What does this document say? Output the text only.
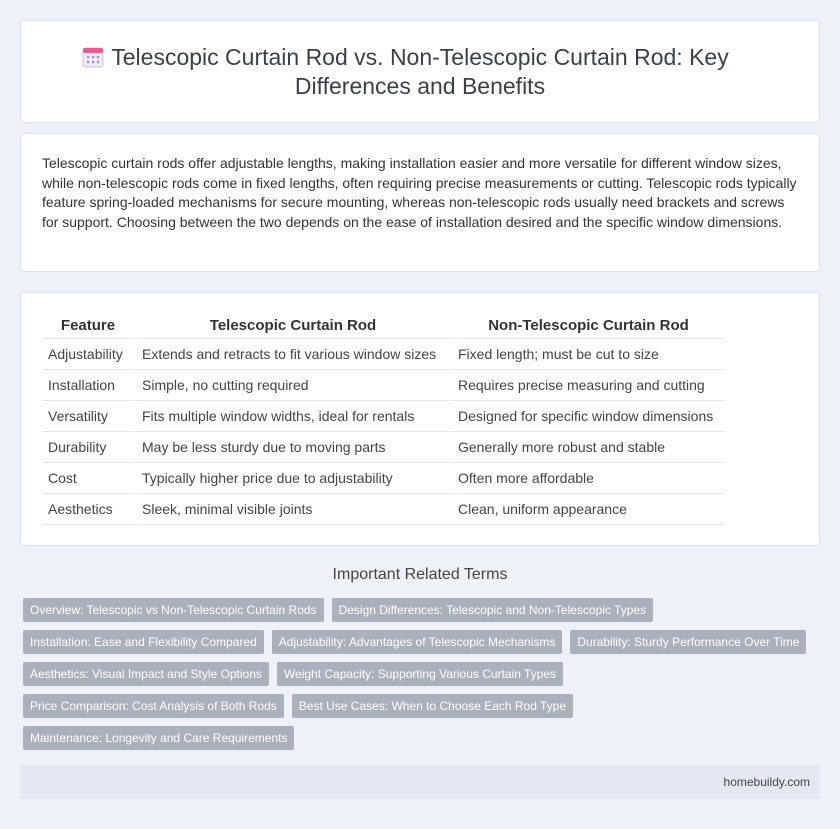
Telescopic Curtain Rod vs. Non-Telescopic Curtain Rod: Key
Differences and Benefits

Telescopic curtain rods offer adjustable lengths, making installation easier and more versatile for different window sizes, while non-telescopic rods come in fixed lengths, often requiring precise measurements or cutting. Telescopic rods typically feature spring-loaded mechanisms for secure mounting, whereas non-telescopic rods usually need brackets and screws for support. Choosing between the two depends on the ease of installation desired and the specific window dimensions.

Feature	Telescopic Curtain Rod	Non-Telescopic Curtain Rod
Adjustability	Extends and retracts to fit various window sizes	Fixed length; must be cut to size
Installation	Simple, no cutting required	Requires precise measuring and cutting
Versatility	Fits multiple window widths, ideal for rentals	Designed for specific window dimensions
Durability	May be less sturdy due to moving parts	Generally more robust and stable
Cost	Typically higher price due to adjustability	Often more affordable
Aesthetics	Sleek, minimal visible joints	Clean, uniform appearance
Important Related Terms
Overview: Telescopic vs Non-Telescopic Curtain Rods	Design Differences: Telescopic and Non-Telescopic Types
Installation: Ease and Flexibility Compared	Adjustability: Advantages of Telescopic Mechanisms	Durability: Sturdy Performance Over Time
Aesthetics: Visual Impact and Style Options	Weight Capacity: Supporting Various Curtain Types
Price Comparison: Cost Analysis of Both Rods	Best Use Cases: When to Choose Each Rod Type
Maintenance: Longevity and Care Requirements
homebuildy.com
